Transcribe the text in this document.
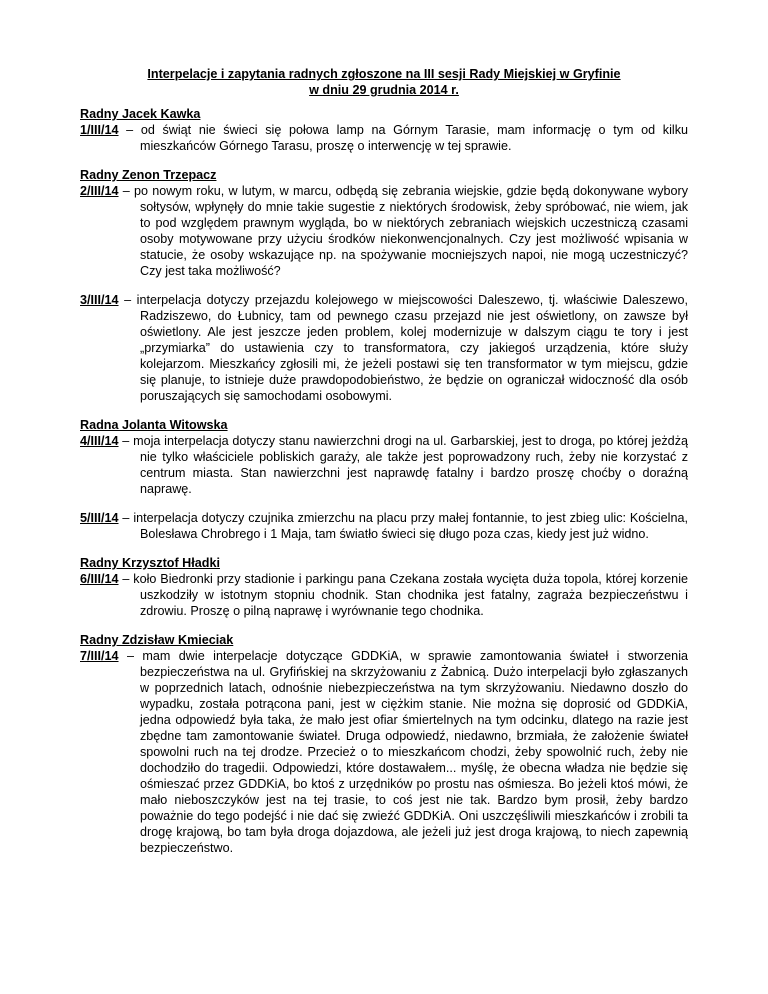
Interpelacje i zapytania radnych zgłoszone na III sesji Rady Miejskiej w Gryfinie
w dniu 29 grudnia 2014 r.

Radny Jacek Kawka

1/III/14 – od świąt nie świeci się połowa lamp na Górnym Tarasie, mam informację o tym od kilku mieszkańców Górnego Tarasu, proszę o interwencję w tej sprawie.

Radny Zenon Trzepacz

2/III/14 – po nowym roku, w lutym, w marcu, odbędą się zebrania wiejskie, gdzie będą dokonywane wybory sołtysów, wpłynęły do mnie takie sugestie z niektórych środowisk, żeby spróbować, nie wiem, jak to pod względem prawnym wygląda, bo w niektórych zebraniach wiejskich uczestniczą czasami osoby motywowane przy użyciu środków niekonwencjonalnych. Czy jest możliwość wpisania w statucie, że osoby wskazujące np. na spożywanie mocniejszych napoi, nie mogą uczestniczyć? Czy jest taka możliwość?

3/III/14 – interpelacja dotyczy przejazdu kolejowego w miejscowości Daleszewo, tj. właściwie Daleszewo, Radziszewo, do Łubnicy, tam od pewnego czasu przejazd nie jest oświetlony, on zawsze był oświetlony. Ale jest jeszcze jeden problem, kolej modernizuje w dalszym ciągu te tory i jest „przymiarka” do ustawienia czy to transformatora, czy jakiegoś urządzenia, które służy kolejarzom. Mieszkańcy zgłosili mi, że jeżeli postawi się ten transformator w tym miejscu, gdzie się planuje, to istnieje duże prawdopodobieństwo, że będzie on ograniczał widoczność dla osób poruszających się samochodami osobowymi.

Radna Jolanta Witowska

4/III/14 – moja interpelacja dotyczy stanu nawierzchni drogi na ul. Garbarskiej, jest to droga, po której jeżdżą nie tylko właściciele pobliskich garaży, ale także jest poprowadzony ruch, żeby nie korzystać z centrum miasta. Stan nawierzchni jest naprawdę fatalny i bardzo proszę choćby o doraźną naprawę.

5/III/14 – interpelacja dotyczy czujnika zmierzchu na placu przy małej fontannie, to jest zbieg ulic: Kościelna, Bolesława Chrobrego i 1 Maja, tam światło świeci się długo poza czas, kiedy jest już widno.

Radny Krzysztof Hładki

6/III/14 – koło Biedronki przy stadionie i parkingu pana Czekana została wycięta duża topola, której korzenie uszkodziły w istotnym stopniu chodnik. Stan chodnika jest fatalny, zagraża bezpieczeństwu i zdrowiu. Proszę o pilną naprawę i wyrównanie tego chodnika.

Radny Zdzisław Kmieciak

7/III/14 – mam dwie interpelacje dotyczące GDDKiA, w sprawie zamontowania świateł i stworzenia bezpieczeństwa na ul. Gryfińskiej na skrzyżowaniu z Żabnicą. Dużo interpelacji było zgłaszanych w poprzednich latach, odnośnie niebezpieczeństwa na tym skrzyżowaniu. Niedawno doszło do wypadku, została potrącona pani, jest w ciężkim stanie. Nie można się doprosić od GDDKiA, jedna odpowiedź była taka, że mało jest ofiar śmiertelnych na tym odcinku, dlatego na razie jest zbędne tam zamontowanie świateł. Druga odpowiedź, niedawno, brzmiała, że założenie świateł spowolni ruch na tej drodze. Przecież o to mieszkańcom chodzi, żeby spowolnić ruch, żeby nie dochodziło do tragedii. Odpowiedzi, które dostawałem... myślę, że obecna władza nie będzie się ośmieszać przez GDDKiA, bo ktoś z urzędników po prostu nas ośmiesza. Bo jeżeli ktoś mówi, że mało nieboszczyków jest na tej trasie, to coś jest nie tak. Bardzo bym prosił, żeby bardzo poważnie do tego podejść i nie dać się zwieźć GDDKiA. Oni uszczęśliwili mieszkańców i zrobili ta drogę krajową, bo tam była droga dojazdowa, ale jeżeli już jest droga krajową, to niech zapewnią bezpieczeństwo.
